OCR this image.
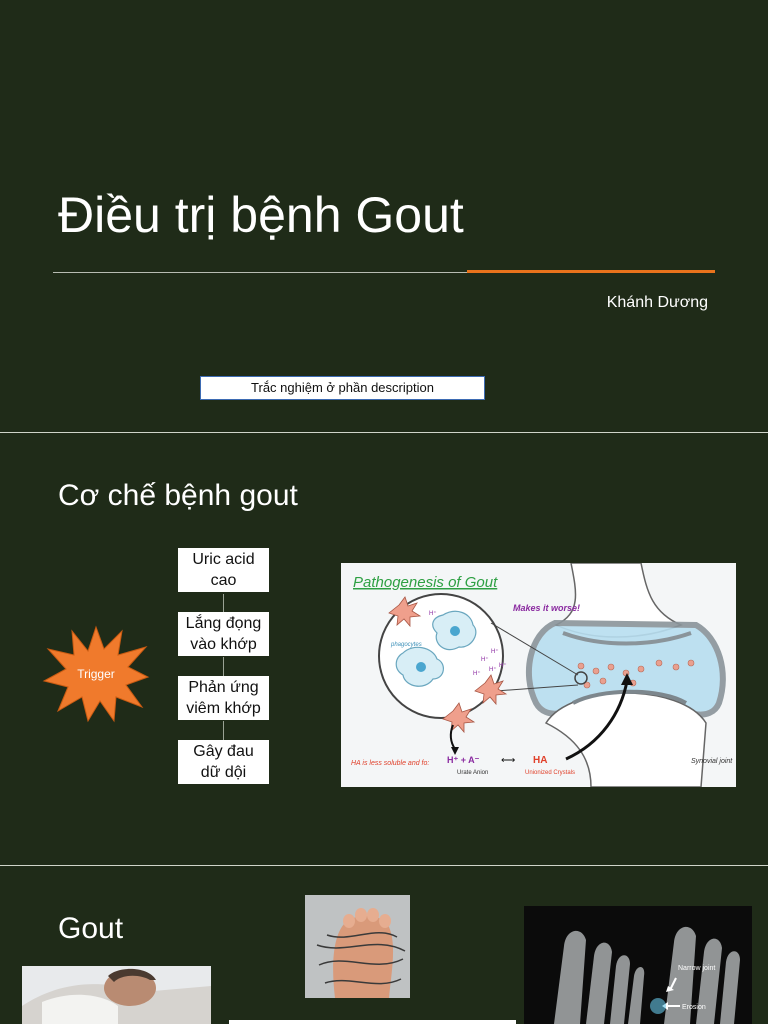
Điều trị bệnh Gout
Khánh Dương
Trắc nghiệm ở phần description
Cơ chế bệnh gout
Uric acid
cao
Lắng đọng
vào khớp
Phản ứng
viêm khớp
Gây đau
dữ dội
Trigger
H⁺
H⁺
H⁺
H⁺
H⁺
H⁺
Pathogenesis of Gout
Makes it worse!
phagocytes
HA is less soluble and fo: H⁺ + A⁻ ⟷ HA
Urate Anion	Unionized Crystals
Synovial joint
Gout
Narrow joint
Erosion
